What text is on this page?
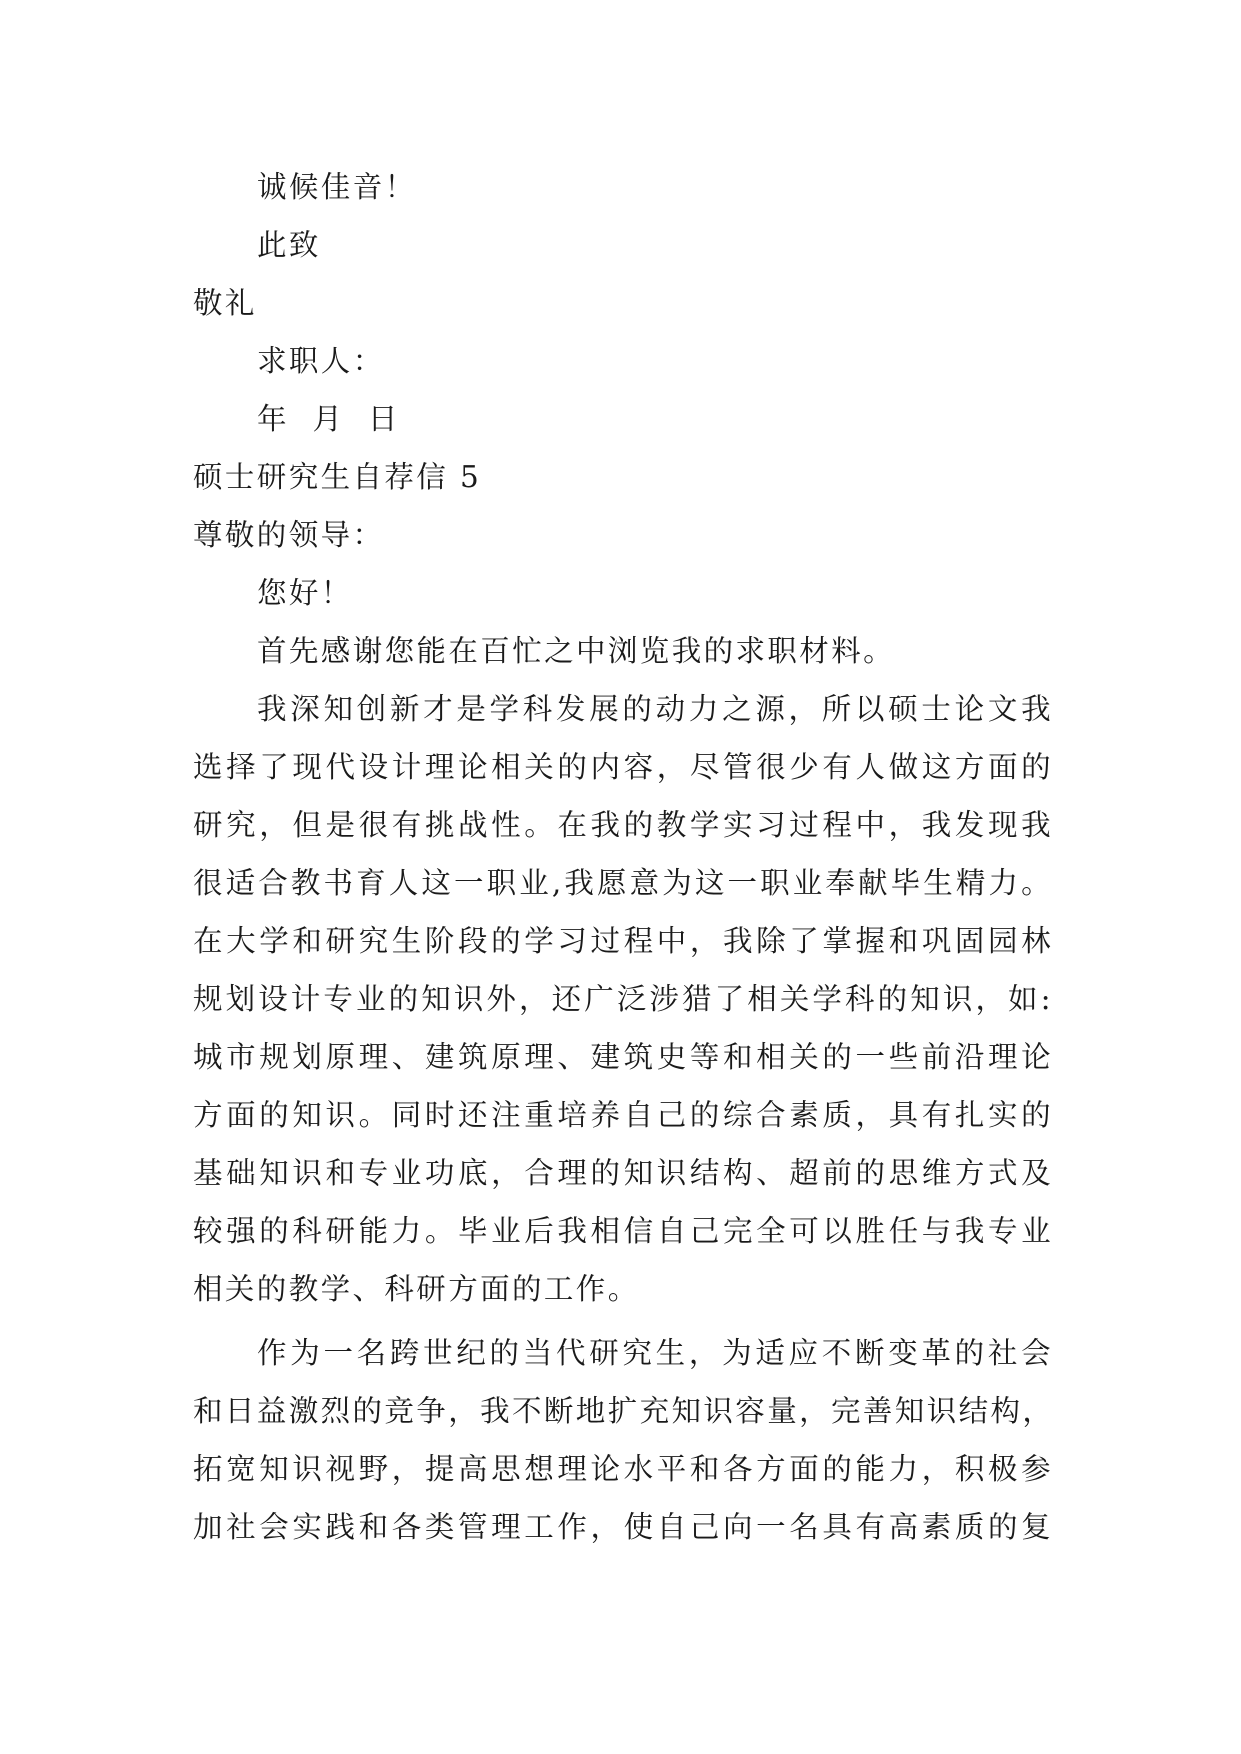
诚候佳音！
此致
敬礼
求职人：
年  月  日
硕士研究生自荐信 5
尊敬的领导：
您好！
首先感谢您能在百忙之中浏览我的求职材料。
我深知创新才是学科发展的动力之源，所以硕士论文我
选择了现代设计理论相关的内容，尽管很少有人做这方面的
研究，但是很有挑战性。在我的教学实习过程中，我发现我
很适合教书育人这一职业,我愿意为这一职业奉献毕生精力。
在大学和研究生阶段的学习过程中，我除了掌握和巩固园林
规划设计专业的知识外，还广泛涉猎了相关学科的知识，如:
城市规划原理、建筑原理、建筑史等和相关的一些前沿理论
方面的知识。同时还注重培养自己的综合素质，具有扎实的
基础知识和专业功底，合理的知识结构、超前的思维方式及
较强的科研能力。毕业后我相信自己完全可以胜任与我专业
相关的教学、科研方面的工作。
作为一名跨世纪的当代研究生，为适应不断变革的社会
和日益激烈的竞争，我不断地扩充知识容量，完善知识结构，
拓宽知识视野，提高思想理论水平和各方面的能力，积极参
加社会实践和各类管理工作，使自己向一名具有高素质的复
